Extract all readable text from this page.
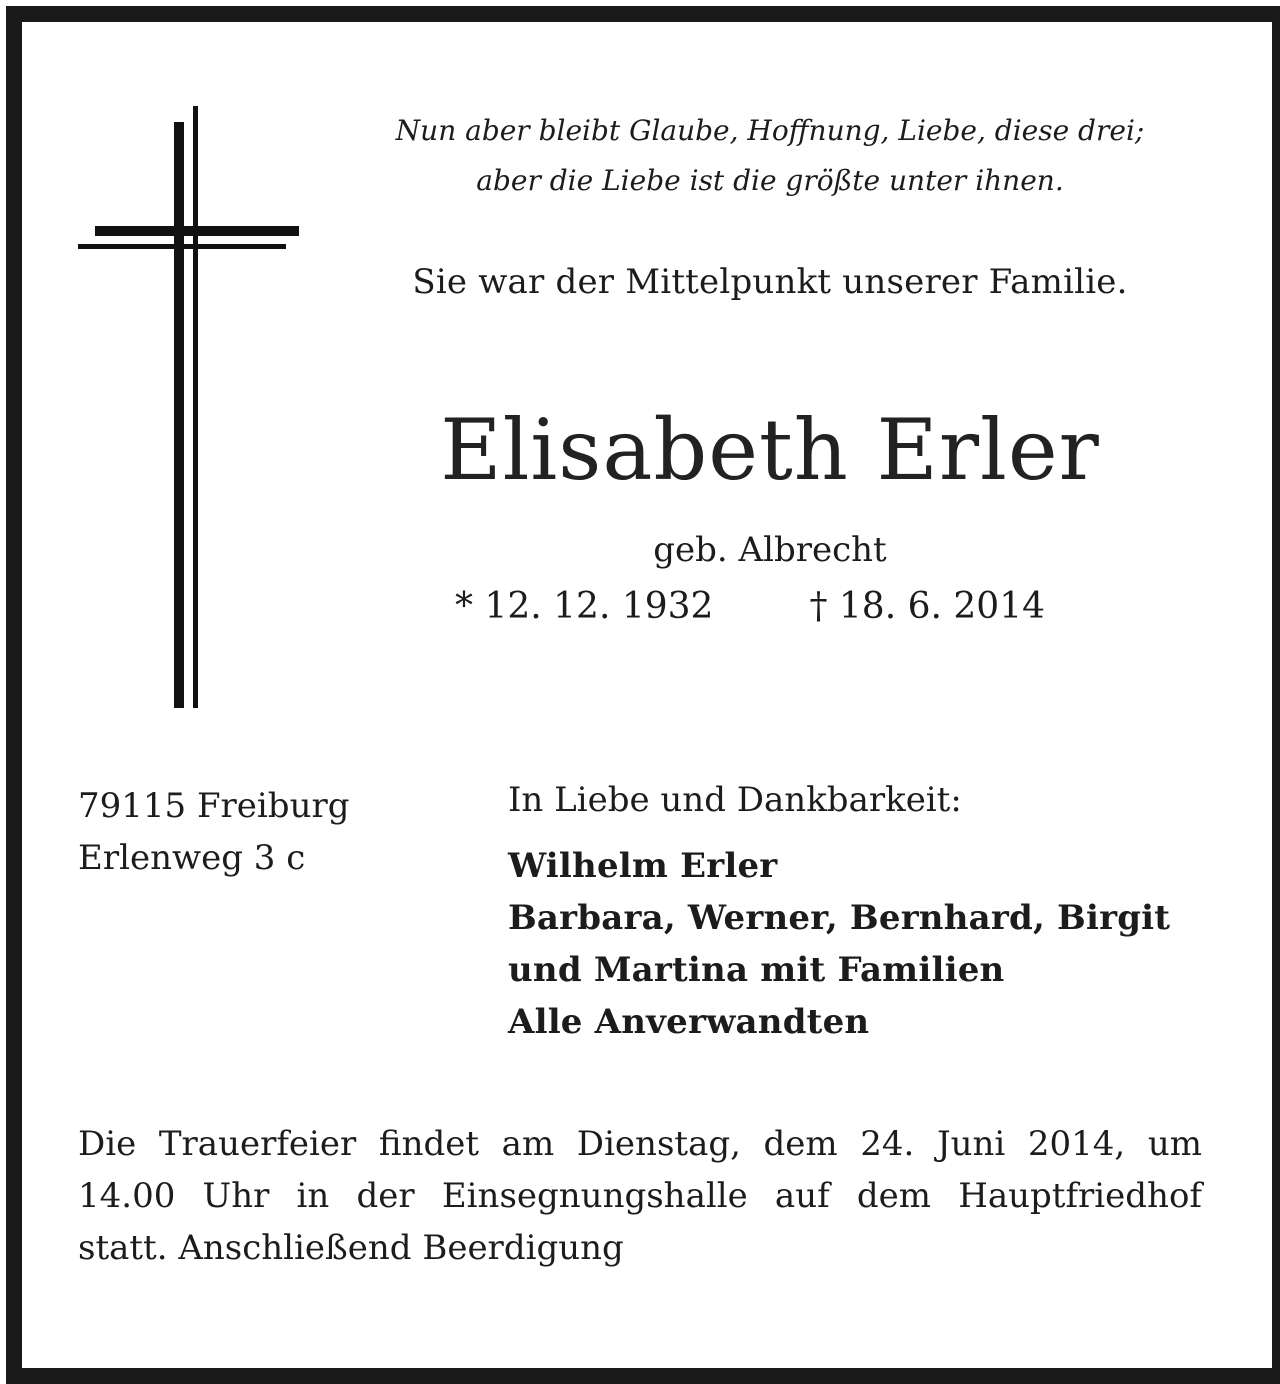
Nun aber bleibt Glaube, Hoffnung, Liebe, diese drei;
aber die Liebe ist die größte unter ihnen.

Sie war der Mittelpunkt unserer Familie.

Elisabeth Erler

geb. Albrecht

* 12. 12. 1932	† 18. 6. 2014

79115 Freiburg
Erlenweg 3 c

In Liebe und Dankbarkeit:

Wilhelm Erler
Barbara, Werner, Bernhard, Birgit
und Martina mit Familien
Alle Anverwandten

Die Trauerfeier findet am Dienstag, dem 24. Juni 2014, um
14.00 Uhr in der Einsegnungshalle auf dem Hauptfriedhof
statt. Anschließend Beerdigung
